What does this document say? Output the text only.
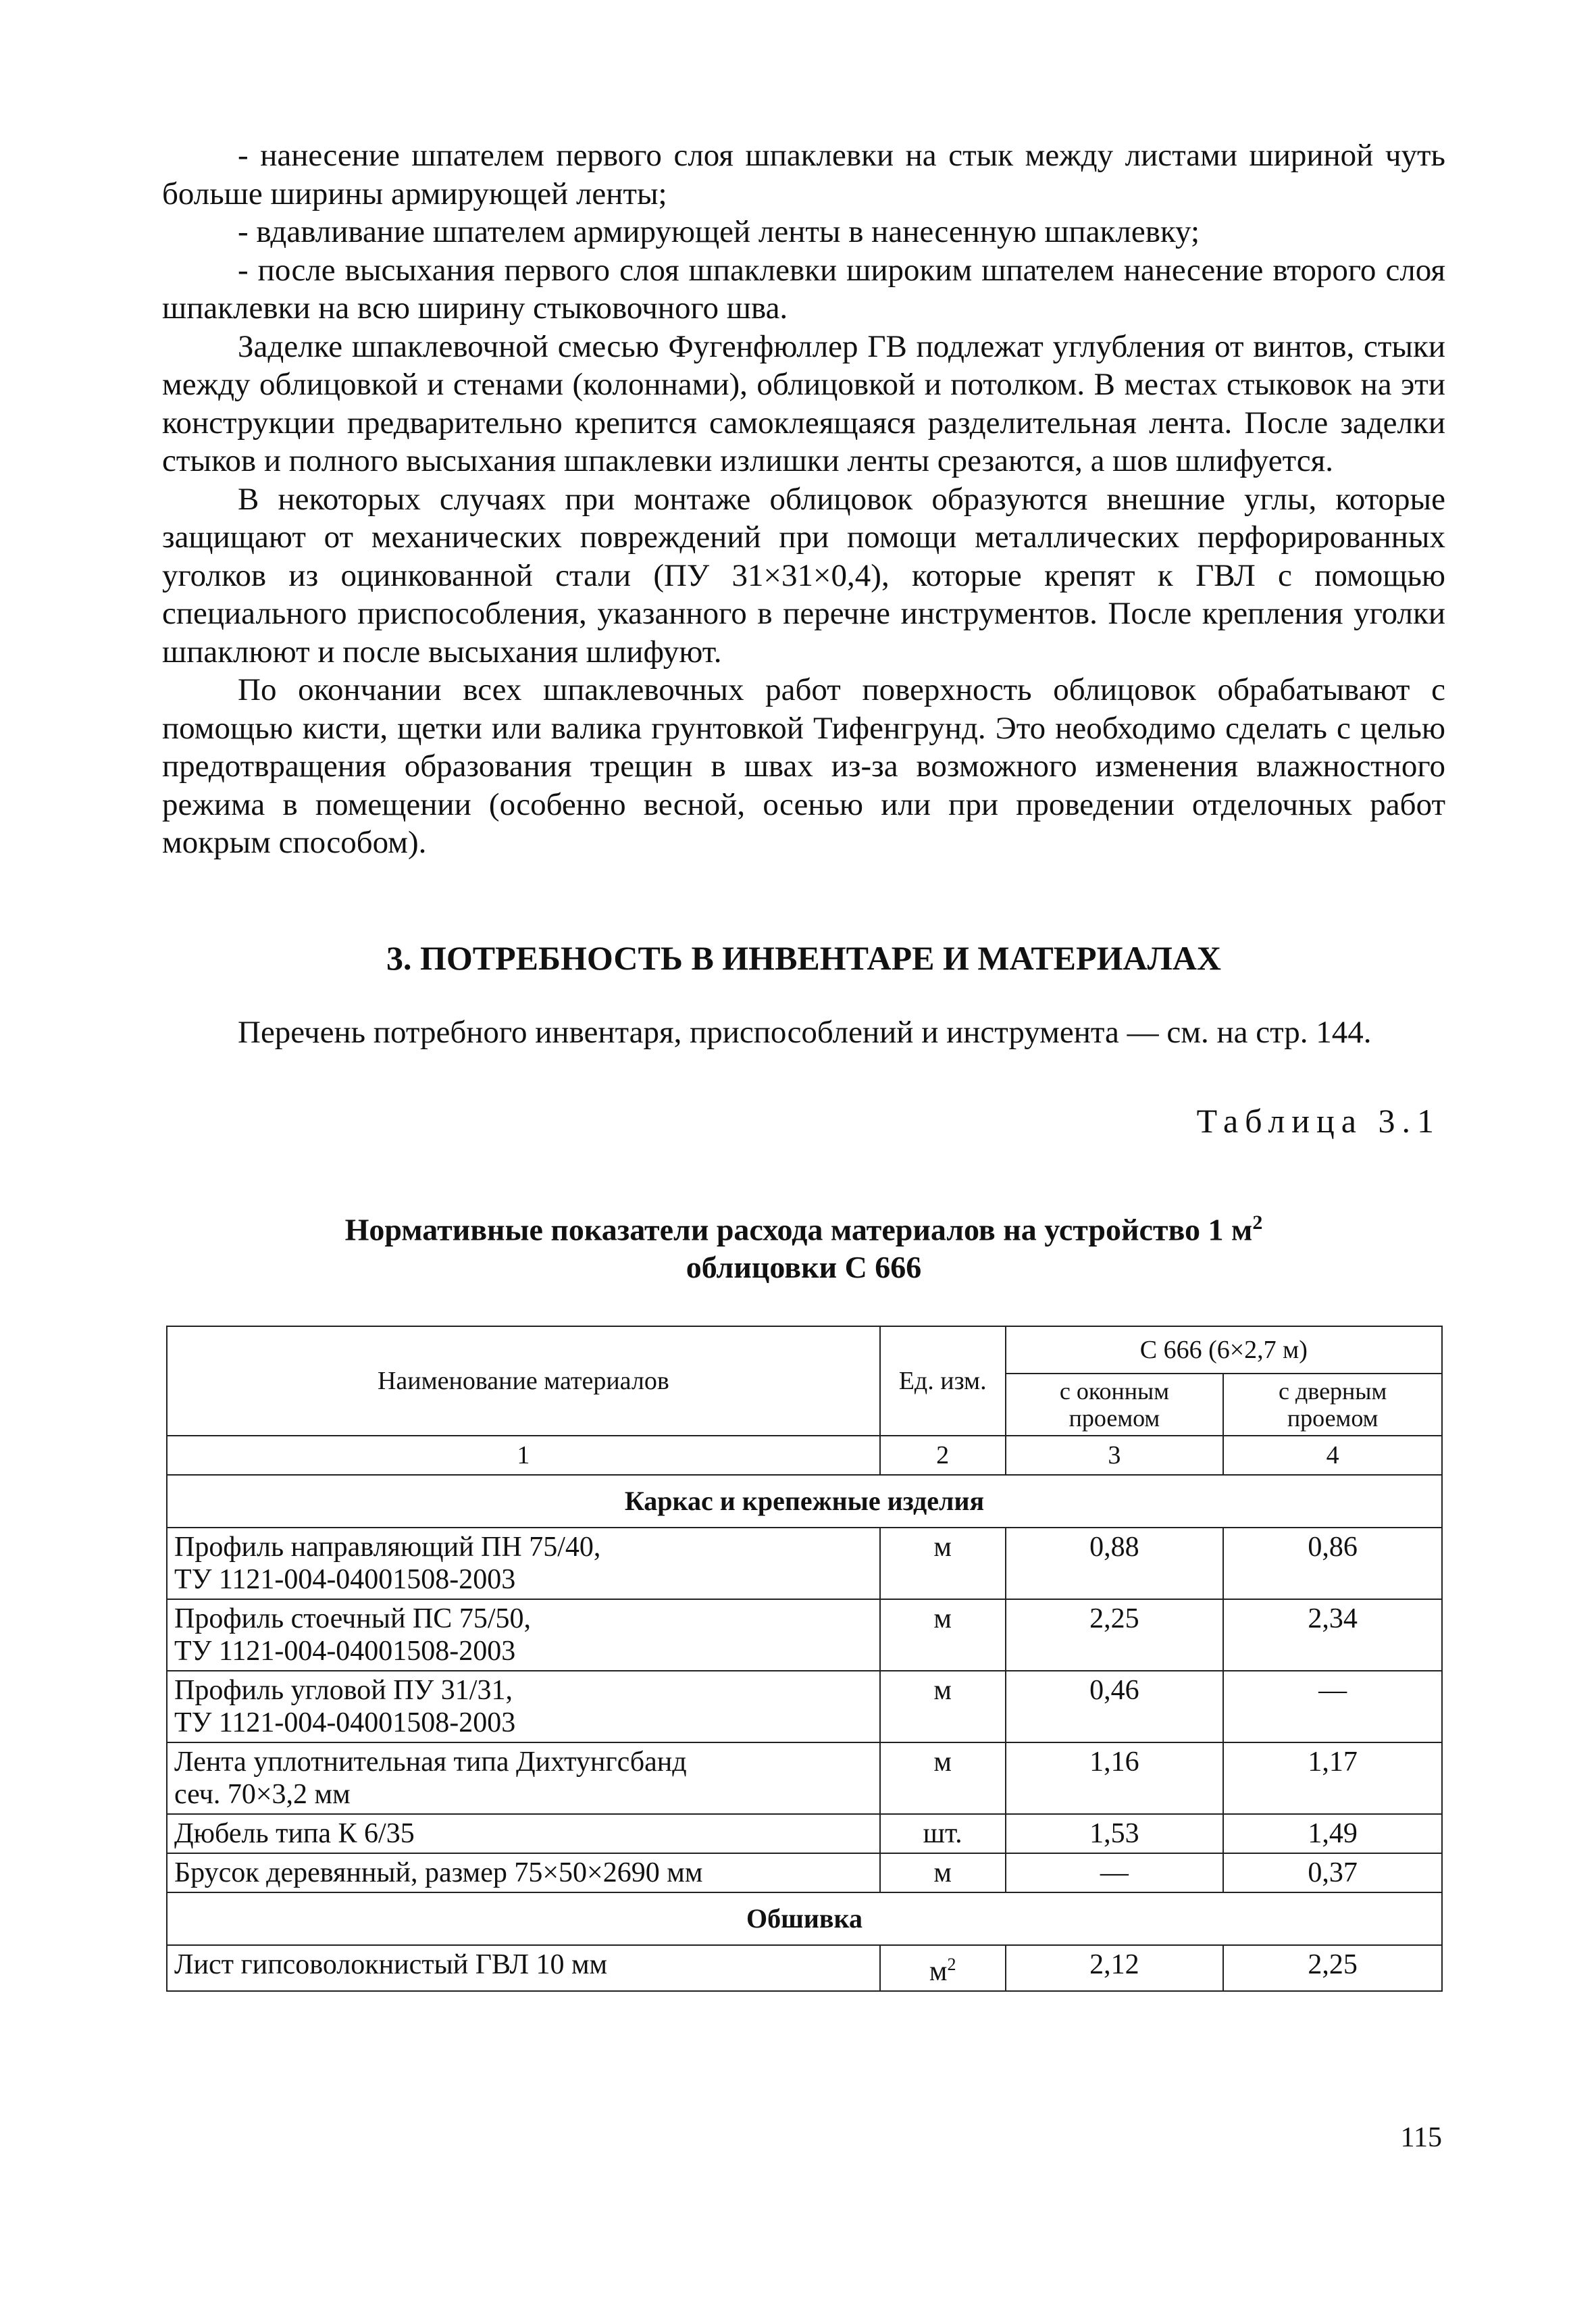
- нанесение шпателем первого слоя шпаклевки на стык между листами шириной чуть больше ширины армирующей ленты;

- вдавливание шпателем армирующей ленты в нанесенную шпаклевку;

- после высыхания первого слоя шпаклевки широким шпателем нанесение второго слоя шпаклевки на всю ширину стыковочного шва.

Заделке шпаклевочной смесью Фугенфюллер ГВ подлежат углубления от винтов, стыки между облицовкой и стенами (колоннами), облицовкой и потолком. В местах стыковок на эти конструкции предварительно крепится самоклеящаяся разделительная лента. После заделки стыков и полного высыхания шпаклевки излишки ленты срезаются, а шов шлифуется.

В некоторых случаях при монтаже облицовок образуются внешние углы, которые защищают от механических повреждений при помощи металлических перфорированных уголков из оцинкованной стали (ПУ 31×31×0,4), которые крепят к ГВЛ с помощью специального приспособления, указанного в перечне инструментов. После крепления уголки шпаклюют и после высыхания шлифуют.

По окончании всех шпаклевочных работ поверхность облицовок обрабатывают с помощью кисти, щетки или валика грунтовкой Тифенгрунд. Это необходимо сделать с целью предотвращения образования трещин в швах из-за возможного изменения влажностного режима в помещении (особенно весной, осенью или при проведении отделочных работ мокрым способом).

3. ПОТРЕБНОСТЬ В ИНВЕНТАРЕ И МАТЕРИАЛАХ
Перечень потребного инвентаря, приспособлений и инструмента — см. на стр. 144.
Таблица 3.1
Нормативные показатели расхода материалов на устройство 1 $м^2$
облицовки С 666
Наименование материалов	Ед. изм.	С 666 (6×2,7 м)	
		с оконным проемом	с дверным проемом
1	2	3	4
Каркас и крепежные изделия			
Профиль направляющий ПН 75/40,
ТУ 1121-004-04001508-2003	м	0,88	0,86
Профиль стоечный ПС 75/50,
ТУ 1121-004-04001508-2003	м	2,25	2,34
Профиль угловой ПУ 31/31,
ТУ 1121-004-04001508-2003	м	0,46	—
Лента уплотнительная типа Дихтунгсбанд
сеч. 70×3,2 мм	м	1,16	1,17
Дюбель типа К 6/35	шт.	1,53	1,49
Брусок деревянный, размер 75×50×2690 мм	м	—	0,37
Обшивка			
Лист гипсоволокнистый ГВЛ 10 мм	$м^2$	2,12	2,25
115
